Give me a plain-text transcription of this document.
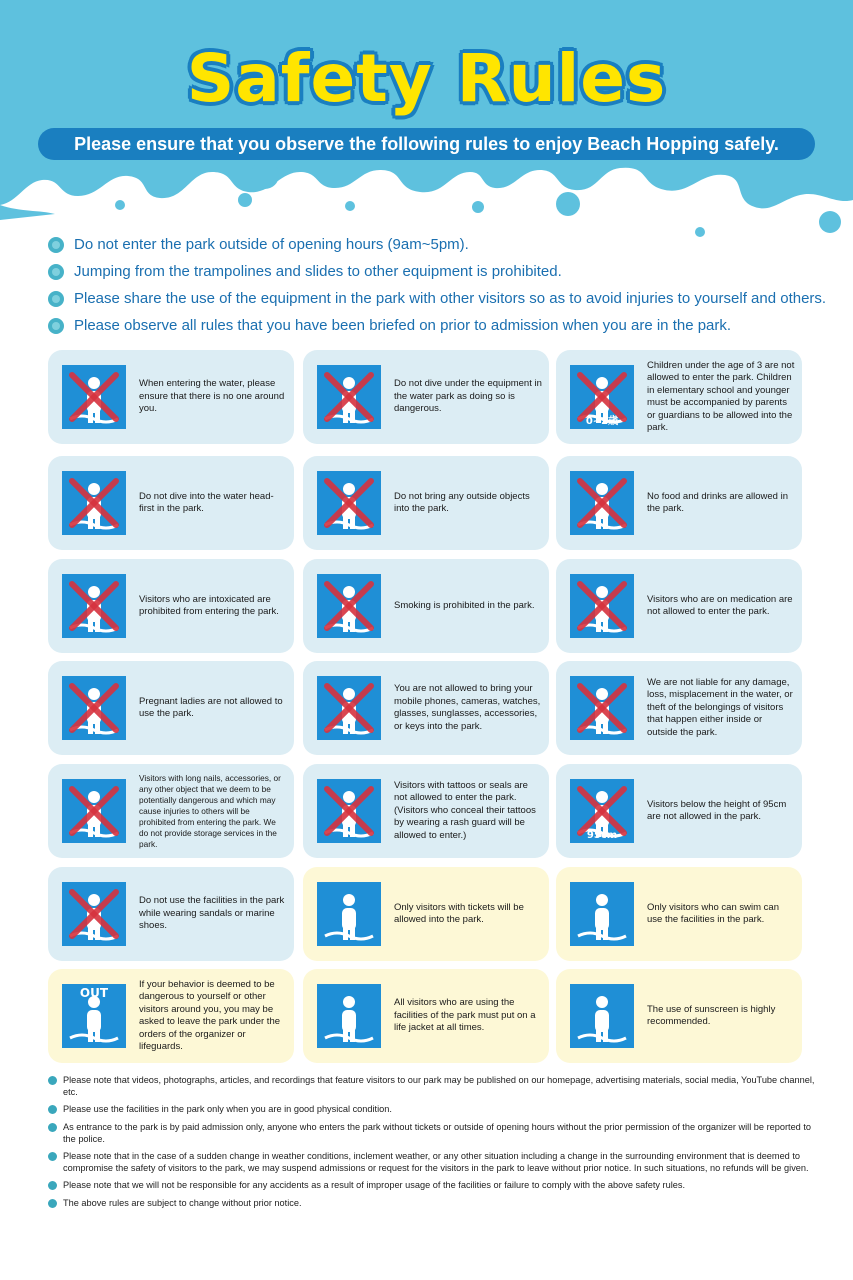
Safety Rules
Please ensure that you observe the following rules to enjoy Beach Hopping safely.
Do not enter the park outside of opening hours (9am~5pm).
Jumping from the trampolines and slides to other equipment is prohibited.
Please share the use of the equipment in the park with other visitors so as to avoid injuries to yourself and others.
Please observe all rules that you have been briefed on prior to admission when you are in the park.
When entering the water, please ensure that there is no one around you.
Do not dive under the equipment in the water park as doing so is dangerous.
0~2歳
Children under the age of 3 are not allowed to enter the park. Children in elementary school and younger must be accompanied by parents or guardians to be allowed into the park.
Do not dive into the water head-first in the park.
Do not bring any outside objects into the park.
No food and drinks are allowed in the park.
Visitors who are intoxicated are prohibited from entering the park.
Smoking is prohibited in the park.
Visitors who are on medication are not allowed to enter the park.
Pregnant ladies are not allowed to use the park.
You are not allowed to bring your mobile phones, cameras, watches, glasses, sunglasses, accessories, or keys into the park.
We are not liable for any damage, loss, misplacement in the water, or theft of the belongings of visitors that happen either inside or outside the park.
Visitors with long nails, accessories, or any other object that we deem to be potentially dangerous and which may cause injuries to others will be prohibited from entering the park. We do not provide storage services in the park.
Visitors with tattoos or seals are not allowed to enter the park. (Visitors who conceal their tattoos by wearing a rash guard will be allowed to enter.)	95cm
Visitors below the height of 95cm are not allowed in the park.
Do not use the facilities in the park while wearing sandals or marine shoes.
Only visitors with tickets will be allowed into the park.
Only visitors who can swim can use the facilities in the park.
OUT
If your behavior is deemed to be dangerous to yourself or other visitors around you, you may be asked to leave the park under the orders of the organizer or lifeguards.
All visitors who are using the facilities of the park must put on a life jacket at all times.
The use of sunscreen is highly recommended.
Please note that videos, photographs, articles, and recordings that feature visitors to our park may be published on our homepage, advertising materials, social media, YouTube channel, etc.
Please use the facilities in the park only when you are in good physical condition.
As entrance to the park is by paid admission only, anyone who enters the park without tickets or outside of opening hours without the prior permission of the organizer will be reported to the police.
Please note that in the case of a sudden change in weather conditions, inclement weather, or any other situation including a change in the surrounding environment that is deemed to compromise the safety of visitors to the park, we may suspend admissions or request for the visitors in the park to leave without prior notice. In such situations, no refunds will be given.
Please note that we will not be responsible for any accidents as a result of improper usage of the facilities or failure to comply with the above safety rules.
The above rules are subject to change without prior notice.
